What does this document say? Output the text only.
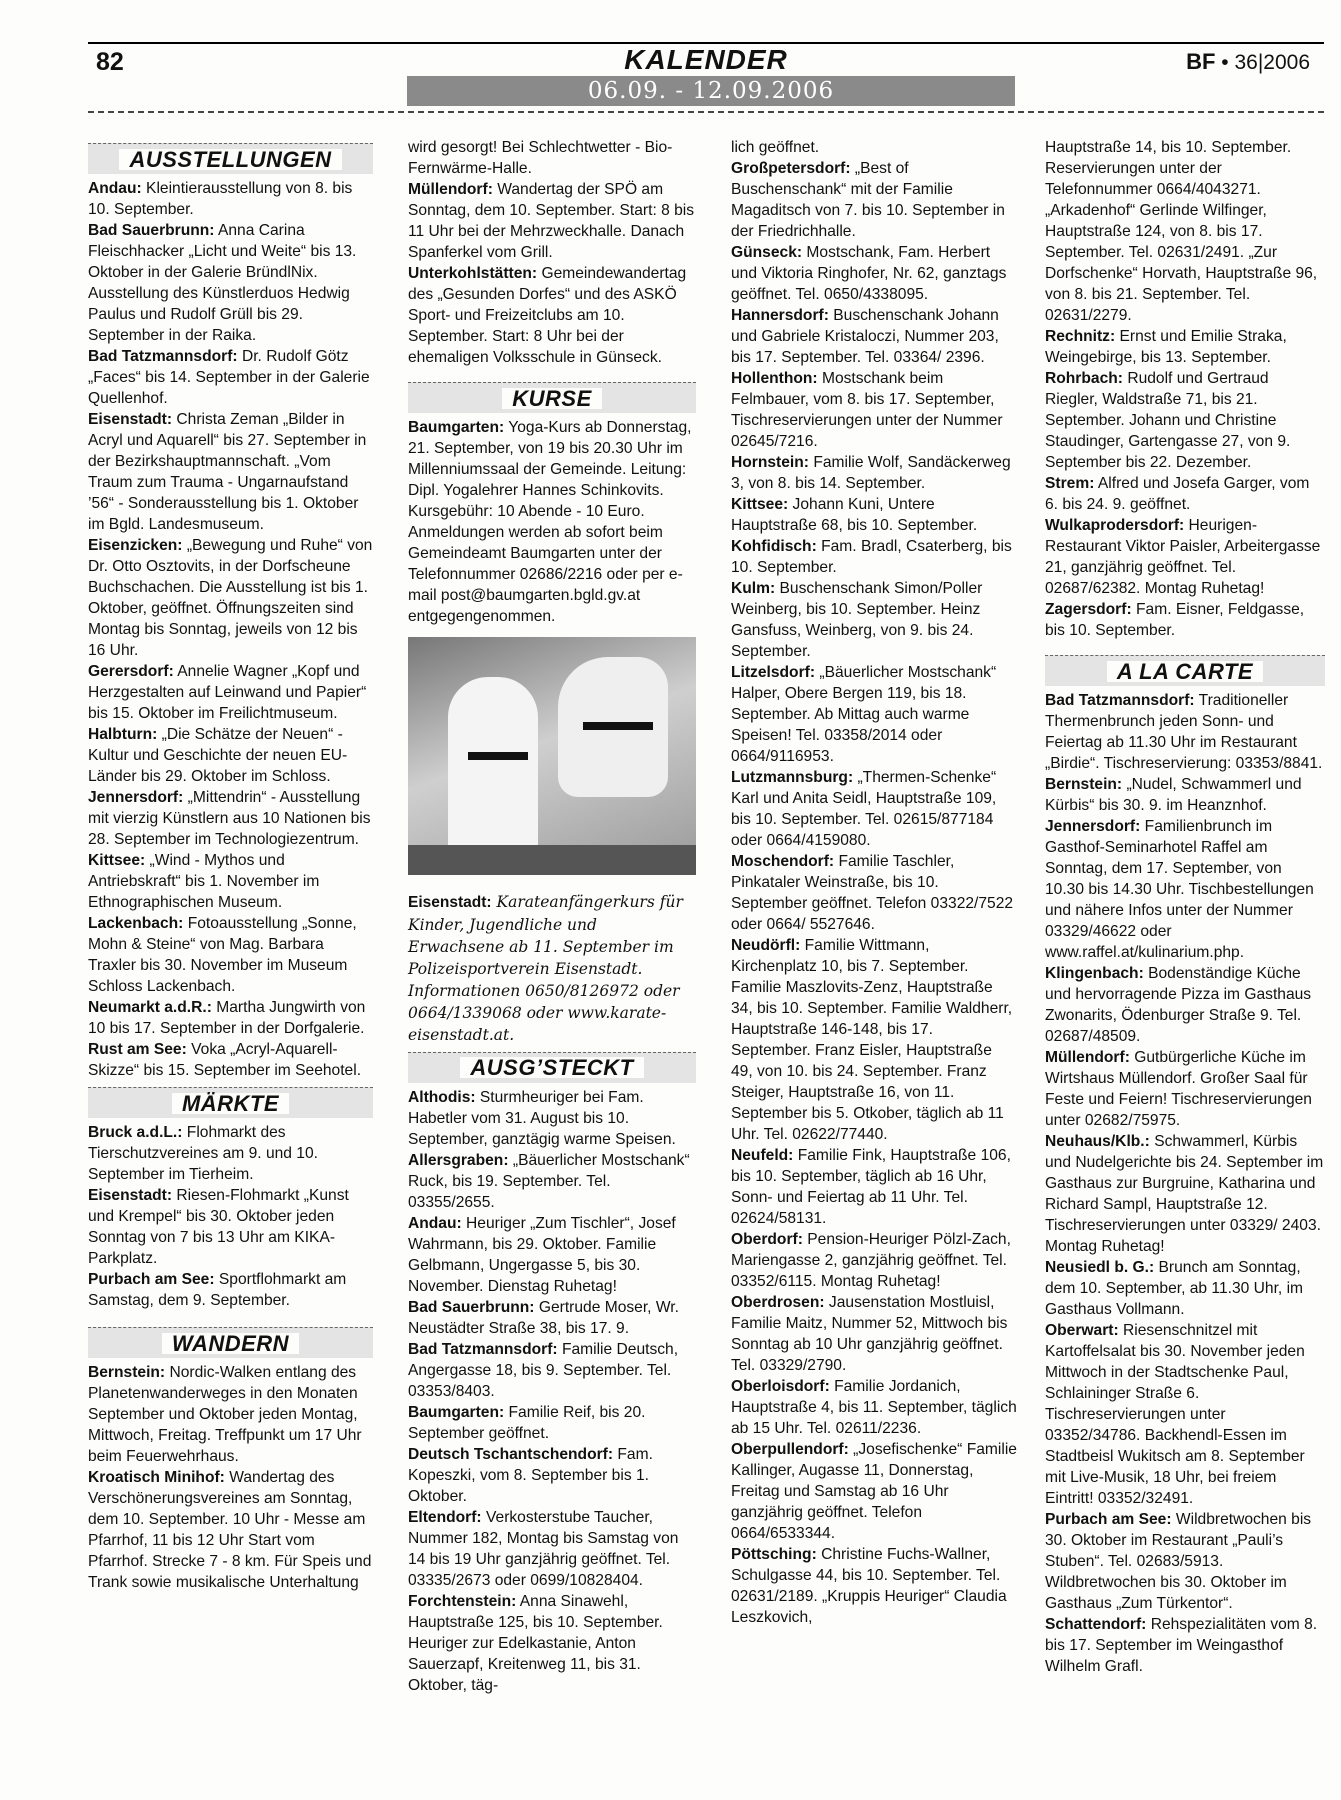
82	KALENDER	BF • 36|2006
06.09. - 12.09.2006
AUSSTELLUNGEN

Andau: Kleintierausstellung von 8. bis 10. September.

Bad Sauerbrunn: Anna Carina Fleischhacker „Licht und Weite“ bis 13. Oktober in der Galerie BründlNix. Ausstellung des Künstlerduos Hedwig Paulus und Rudolf Grüll bis 29. September in der Raika.

Bad Tatzmannsdorf: Dr. Rudolf Götz „Faces“ bis 14. September in der Galerie Quellenhof.

Eisenstadt: Christa Zeman „Bilder in Acryl und Aquarell“ bis 27. September in der Bezirkshauptmannschaft. „Vom Traum zum Trauma - Ungarnaufstand ’56“ - Sonderausstellung bis 1. Oktober im Bgld. Landesmuseum.

Eisenzicken: „Bewegung und Ruhe“ von Dr. Otto Osztovits, in der Dorfscheune Buchschachen. Die Ausstellung ist bis 1. Oktober, geöffnet. Öffnungszeiten sind Montag bis Sonntag, jeweils von 12 bis 16 Uhr.

Gerersdorf: Annelie Wagner „Kopf und Herzgestalten auf Leinwand und Papier“ bis 15. Oktober im Freilichtmuseum.

Halbturn: „Die Schätze der Neuen“ - Kultur und Geschichte der neuen EU-Länder bis 29. Oktober im Schloss.

Jennersdorf: „Mittendrin“ - Ausstellung mit vierzig Künstlern aus 10 Nationen bis 28. September im Technologiezentrum.

Kittsee: „Wind - Mythos und Antriebskraft“ bis 1. November im Ethnographischen Museum.

Lackenbach: Fotoausstellung „Sonne, Mohn & Steine“ von Mag. Barbara Traxler bis 30. November im Museum Schloss Lackenbach.

Neumarkt a.d.R.: Martha Jungwirth von 10 bis 17. September in der Dorfgalerie.

Rust am See: Voka „Acryl-Aquarell-Skizze“ bis 15. September im Seehotel.

MÄRKTE

Bruck a.d.L.: Flohmarkt des Tierschutzvereines am 9. und 10. September im Tierheim.

Eisenstadt: Riesen-Flohmarkt „Kunst und Krempel“ bis 30. Oktober jeden Sonntag von 7 bis 13 Uhr am KIKA-Parkplatz.

Purbach am See: Sportflohmarkt am Samstag, dem 9. September.

WANDERN

Bernstein: Nordic-Walken entlang des Planetenwanderweges in den Monaten September und Oktober jeden Montag, Mittwoch, Freitag. Treffpunkt um 17 Uhr beim Feuerwehrhaus.

Kroatisch Minihof: Wandertag des Verschönerungsvereines am Sonntag, dem 10. September. 10 Uhr - Messe am Pfarrhof, 11 bis 12 Uhr Start vom Pfarrhof. Strecke 7 - 8 km. Für Speis und Trank sowie musikalische Unterhaltung

wird gesorgt! Bei Schlechtwetter - Bio-Fernwärme-Halle.

Müllendorf: Wandertag der SPÖ am Sonntag, dem 10. September. Start: 8 bis 11 Uhr bei der Mehrzweckhalle. Danach Spanferkel vom Grill.

Unterkohlstätten: Gemeindewandertag des „Gesunden Dorfes“ und des ASKÖ Sport- und Freizeitclubs am 10. September. Start: 8 Uhr bei der ehemaligen Volksschule in Günseck.

KURSE

Baumgarten: Yoga-Kurs ab Donnerstag, 21. September, von 19 bis 20.30 Uhr im Millenniumssaal der Gemeinde. Leitung: Dipl. Yogalehrer Hannes Schinkovits. Kursgebühr: 10 Abende - 10 Euro. Anmeldungen werden ab sofort beim Gemeindeamt Baumgarten unter der Telefonnummer 02686/2216 oder per e-mail post@baumgarten.bgld.gv.at entgegengenommen.

Eisenstadt: Karateanfängerkurs für Kinder, Jugendliche und Erwachsene ab 11. September im Polizeisportverein Eisenstadt. Informationen 0650/8126972 oder 0664/1339068 oder www.karate-eisenstadt.at.

AUSG’STECKT

Althodis: Sturmheuriger bei Fam. Habetler vom 31. August bis 10. September, ganztägig warme Speisen.

Allersgraben: „Bäuerlicher Mostschank“ Ruck, bis 19. September. Tel. 03355/2655.

Andau: Heuriger „Zum Tischler“, Josef Wahrmann, bis 29. Oktober. Familie Gelbmann, Ungergasse 5, bis 30. November. Dienstag Ruhetag!

Bad Sauerbrunn: Gertrude Moser, Wr. Neustädter Straße 38, bis 17. 9.

Bad Tatzmannsdorf: Familie Deutsch, Angergasse 18, bis 9. September. Tel. 03353/8403.

Baumgarten: Familie Reif, bis 20. September geöffnet.

Deutsch Tschantschendorf: Fam. Kopeszki, vom 8. September bis 1. Oktober.

Eltendorf: Verkosterstube Taucher, Nummer 182, Montag bis Samstag von 14 bis 19 Uhr ganzjährig geöffnet. Tel. 03335/2673 oder 0699/10828404.

Forchtenstein: Anna Sinawehl, Hauptstraße 125, bis 10. September. Heuriger zur Edelkastanie, Anton Sauerzapf, Kreitenweg 11, bis 31. Oktober, täg-

lich geöffnet.

Großpetersdorf: „Best of Buschenschank“ mit der Familie Magaditsch von 7. bis 10. September in der Friedrichhalle.

Günseck: Mostschank, Fam. Herbert und Viktoria Ringhofer, Nr. 62, ganztags geöffnet. Tel. 0650/4338095.

Hannersdorf: Buschenschank Johann und Gabriele Kristaloczi, Nummer 203, bis 17. September. Tel. 03364/ 2396.

Hollenthon: Mostschank beim Felmbauer, vom 8. bis 17. September, Tischreservierungen unter der Nummer 02645/7216.

Hornstein: Familie Wolf, Sandäckerweg 3, von 8. bis 14. September.

Kittsee: Johann Kuni, Untere Hauptstraße 68, bis 10. September.

Kohfidisch: Fam. Bradl, Csaterberg, bis 10. September.

Kulm: Buschenschank Simon/Poller Weinberg, bis 10. September. Heinz Gansfuss, Weinberg, von 9. bis 24. September.

Litzelsdorf: „Bäuerlicher Mostschank“ Halper, Obere Bergen 119, bis 18. September. Ab Mittag auch warme Speisen! Tel. 03358/2014 oder 0664/9116953.

Lutzmannsburg: „Thermen-Schenke“ Karl und Anita Seidl, Hauptstraße 109, bis 10. September. Tel. 02615/877184 oder 0664/4159080.

Moschendorf: Familie Taschler, Pinkataler Weinstraße, bis 10. September geöffnet. Telefon 03322/7522 oder 0664/ 5527646.

Neudörfl: Familie Wittmann, Kirchenplatz 10, bis 7. September. Familie Maszlovits-Zenz, Hauptstraße 34, bis 10. September. Familie Waldherr, Hauptstraße 146-148, bis 17. September. Franz Eisler, Hauptstraße 49, von 10. bis 24. September. Franz Steiger, Hauptstraße 16, von 11. September bis 5. Otkober, täglich ab 11 Uhr. Tel. 02622/77440.

Neufeld: Familie Fink, Hauptstraße 106, bis 10. September, täglich ab 16 Uhr, Sonn- und Feiertag ab 11 Uhr. Tel. 02624/58131.

Oberdorf: Pension-Heuriger Pölzl-Zach, Mariengasse 2, ganzjährig geöffnet. Tel. 03352/6115. Montag Ruhetag!

Oberdrosen: Jausenstation Mostluisl, Familie Maitz, Nummer 52, Mittwoch bis Sonntag ab 10 Uhr ganzjährig geöffnet. Tel. 03329/2790.

Oberloisdorf: Familie Jordanich, Hauptstraße 4, bis 11. September, täglich ab 15 Uhr. Tel. 02611/2236.

Oberpullendorf: „Josefischenke“ Familie Kallinger, Augasse 11, Donnerstag, Freitag und Samstag ab 16 Uhr ganzjährig geöffnet. Telefon 0664/6533344.

Pöttsching: Christine Fuchs-Wallner, Schulgasse 44, bis 10. September. Tel. 02631/2189. „Kruppis Heuriger“ Claudia Leszkovich,

Hauptstraße 14, bis 10. September. Reservierungen unter der Telefonnummer 0664/4043271. „Arkadenhof“ Gerlinde Wilfinger, Hauptstraße 124, von 8. bis 17. September. Tel. 02631/2491. „Zur Dorfschenke“ Horvath, Hauptstraße 96, von 8. bis 21. September. Tel. 02631/2279.

Rechnitz: Ernst und Emilie Straka, Weingebirge, bis 13. September.

Rohrbach: Rudolf und Gertraud Riegler, Waldstraße 71, bis 21. September. Johann und Christine Staudinger, Gartengasse 27, von 9. September bis 22. Dezember.

Strem: Alfred und Josefa Garger, vom 6. bis 24. 9. geöffnet.

Wulkaprodersdorf: Heurigen-Restaurant Viktor Paisler, Arbeitergasse 21, ganzjährig geöffnet. Tel. 02687/62382. Montag Ruhetag!

Zagersdorf: Fam. Eisner, Feldgasse, bis 10. September.

A LA CARTE

Bad Tatzmannsdorf: Traditioneller Thermenbrunch jeden Sonn- und Feiertag ab 11.30 Uhr im Restaurant „Birdie“. Tischreservierung: 03353/8841.

Bernstein: „Nudel, Schwammerl und Kürbis“ bis 30. 9. im Heanznhof.

Jennersdorf: Familienbrunch im Gasthof-Seminarhotel Raffel am Sonntag, dem 17. September, von 10.30 bis 14.30 Uhr. Tischbestellungen und nähere Infos unter der Nummer 03329/46622 oder www.raffel.at/kulinarium.php.

Klingenbach: Bodenständige Küche und hervorragende Pizza im Gasthaus Zwonarits, Ödenburger Straße 9. Tel. 02687/48509.

Müllendorf: Gutbürgerliche Küche im Wirtshaus Müllendorf. Großer Saal für Feste und Feiern! Tischreservierungen unter 02682/75975.

Neuhaus/Klb.: Schwammerl, Kürbis und Nudelgerichte bis 24. September im Gasthaus zur Burgruine, Katharina und Richard Sampl, Hauptstraße 12. Tischreservierungen unter 03329/ 2403. Montag Ruhetag!

Neusiedl b. G.: Brunch am Sonntag, dem 10. September, ab 11.30 Uhr, im Gasthaus Vollmann.

Oberwart: Riesenschnitzel mit Kartoffelsalat bis 30. November jeden Mittwoch in der Stadtschenke Paul, Schlaininger Straße 6. Tischreservierungen unter 03352/34786. Backhendl-Essen im Stadtbeisl Wukitsch am 8. September mit Live-Musik, 18 Uhr, bei freiem Eintritt! 03352/32491.

Purbach am See: Wildbretwochen bis 30. Oktober im Restaurant „Pauli’s Stuben“. Tel. 02683/5913. Wildbretwochen bis 30. Oktober im Gasthaus „Zum Türkentor“.

Schattendorf: Rehspezialitäten vom 8. bis 17. September im Weingasthof Wilhelm Grafl.
